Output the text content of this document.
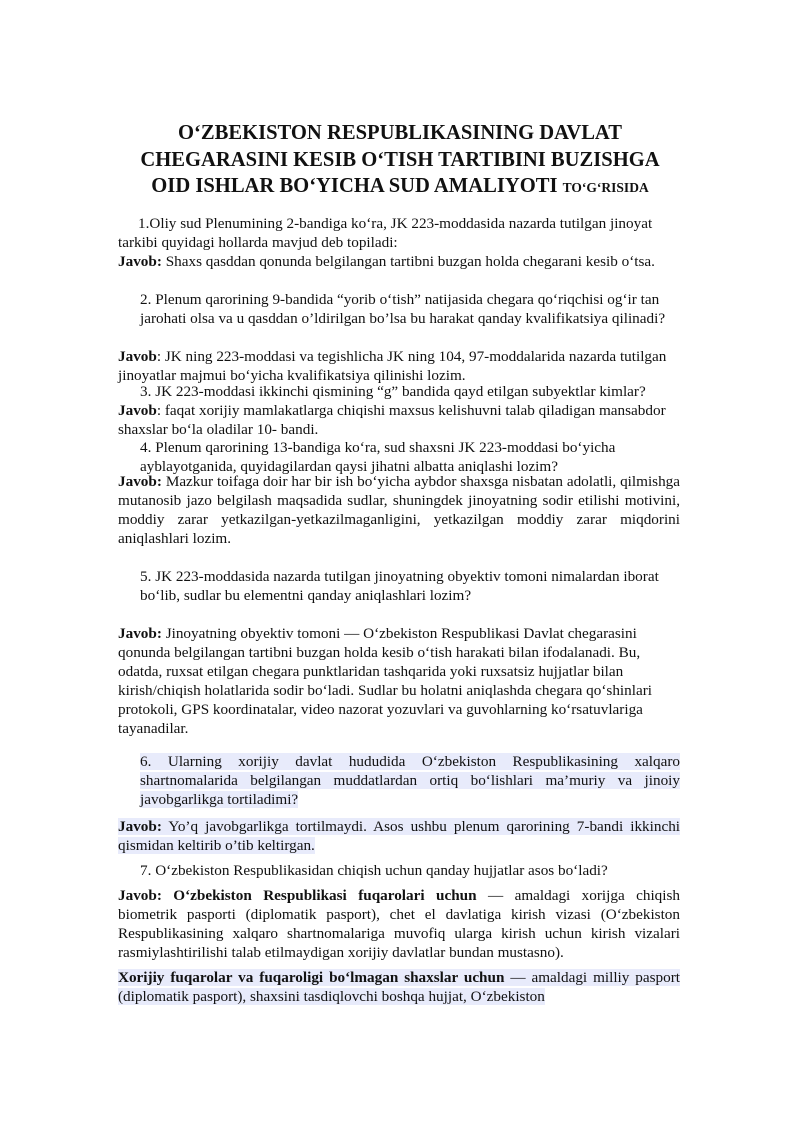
O‘ZBEKISTON RESPUBLIKASINING DAVLAT
CHEGARASINI KESIB O‘TISH TARTIBINI BUZISHGA
OID ISHLAR BO‘YICHA SUD AMALIYOTI TO‘G‘RISIDA
1.Oliy sud Plenumining 2-bandiga ko‘ra, JK 223-moddasida nazarda tutilgan jinoyat tarkibi quyidagi hollarda mavjud deb topiladi:
Javob: Shaxs qasddan qonunda belgilangan tartibni buzgan holda chegarani kesib o‘tsa.
2. Plenum qarorining 9-bandida “yorib o‘tish” natijasida chegara qo‘riqchisi og‘ir tan jarohati olsa va u qasddan o’ldirilgan bo’lsa bu harakat qanday kvalifikatsiya qilinadi?
Javob: JK ning 223-moddasi va tegishlicha JK ning 104, 97-moddalarida nazarda tutilgan jinoyatlar majmui bo‘yicha kvalifikatsiya qilinishi lozim.
3. JK 223-moddasi ikkinchi qismining “g” bandida qayd etilgan subyektlar kimlar?
Javob: faqat xorijiy mamlakatlarga chiqishi maxsus kelishuvni talab qiladigan mansabdor shaxslar bo‘la oladilar 10- bandi.
4. Plenum qarorining 13-bandiga ko‘ra, sud shaxsni JK 223-moddasi bo‘yicha ayblayotganida, quyidagilardan qaysi jihatni albatta aniqlashi lozim?
Javob: Mazkur toifaga doir har bir ish bo‘yicha aybdor shaxsga nisbatan adolatli, qilmishga mutanosib jazo belgilash maqsadida sudlar, shuningdek jinoyatning sodir etilishi motivini, moddiy zarar yetkazilgan-yetkazilmaganligini, yetkazilgan moddiy zarar miqdorini aniqlashlari lozim.
5. JK 223-moddasida nazarda tutilgan jinoyatning obyektiv tomoni nimalardan iborat bo‘lib, sudlar bu elementni qanday aniqlashlari lozim?
Javob: Jinoyatning obyektiv tomoni — O‘zbekiston Respublikasi Davlat chegarasini qonunda belgilangan tartibni buzgan holda kesib o‘tish harakati bilan ifodalanadi. Bu, odatda, ruxsat etilgan chegara punktlaridan tashqarida yoki ruxsatsiz hujjatlar bilan kirish/chiqish holatlarida sodir bo‘ladi. Sudlar bu holatni aniqlashda chegara qo‘shinlari protokoli, GPS koordinatalar, video nazorat yozuvlari va guvohlarning ko‘rsatuvlariga tayanadilar.
6. Ularning xorijiy davlat hududida O‘zbekiston Respublikasining xalqaro shartnomalarida belgilangan muddatlardan ortiq bo‘lishlari ma’muriy va jinoiy javobgarlikga tortiladimi?
Javob: Yo’q javobgarlikga tortilmaydi. Asos ushbu plenum qarorining 7-bandi ikkinchi qismidan keltirib o’tib keltirgan.
7. O‘zbekiston Respublikasidan chiqish uchun qanday hujjatlar asos bo‘ladi?
Javob: O‘zbekiston Respublikasi fuqarolari uchun — amaldagi xorijga chiqish biometrik pasporti (diplomatik pasport), chet el davlatiga kirish vizasi (O‘zbekiston Respublikasining xalqaro shartnomalariga muvofiq ularga kirish uchun kirish vizalari rasmiylashtirilishi talab etilmaydigan xorijiy davlatlar bundan mustasno).
Xorijiy fuqarolar va fuqaroligi bo‘lmagan shaxslar uchun — amaldagi milliy pasport (diplomatik pasport), shaxsini tasdiqlovchi boshqa hujjat, O‘zbekiston
